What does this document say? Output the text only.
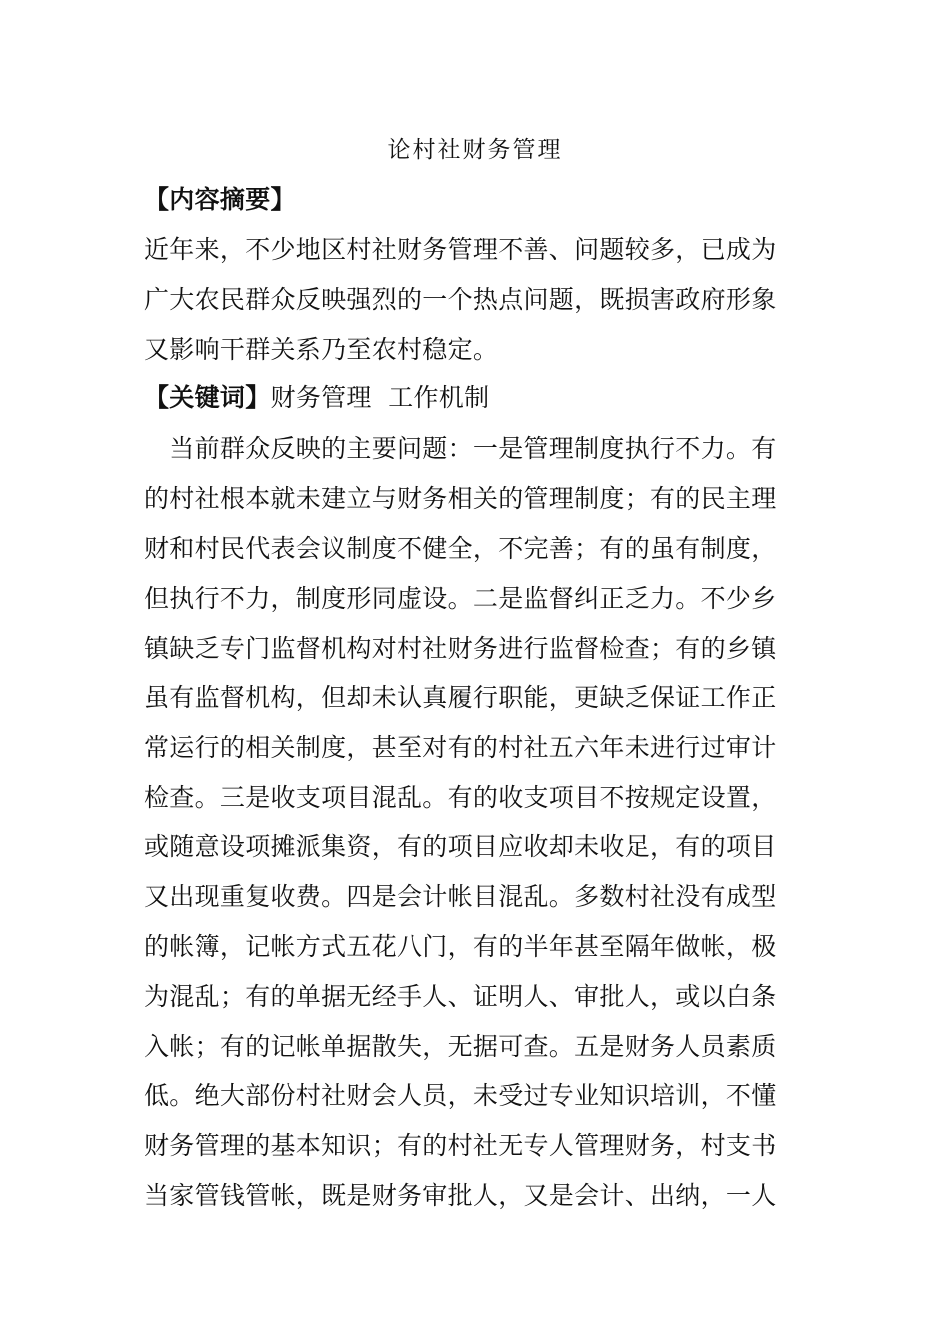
论村社财务管理
【内容摘要】
近年来，不少地区村社财务管理不善、问题较多，已成为
广大农民群众反映强烈的一个热点问题，既损害政府形象
又影响干群关系乃至农村稳定。
【关键词】财务管理  工作机制
　当前群众反映的主要问题：一是管理制度执行不力。有
的村社根本就未建立与财务相关的管理制度；有的民主理
财和村民代表会议制度不健全，不完善；有的虽有制度，
但执行不力，制度形同虚设。二是监督纠正乏力。不少乡
镇缺乏专门监督机构对村社财务进行监督检查；有的乡镇
虽有监督机构，但却未认真履行职能，更缺乏保证工作正
常运行的相关制度，甚至对有的村社五六年未进行过审计
检查。三是收支项目混乱。有的收支项目不按规定设置，
或随意设项摊派集资，有的项目应收却未收足，有的项目
又出现重复收费。四是会计帐目混乱。多数村社没有成型
的帐簿，记帐方式五花八门，有的半年甚至隔年做帐，极
为混乱；有的单据无经手人、证明人、审批人，或以白条
入帐；有的记帐单据散失，无据可查。五是财务人员素质
低。绝大部份村社财会人员，未受过专业知识培训，不懂
财务管理的基本知识；有的村社无专人管理财务，村支书
当家管钱管帐，既是财务审批人，又是会计、出纳，一人
